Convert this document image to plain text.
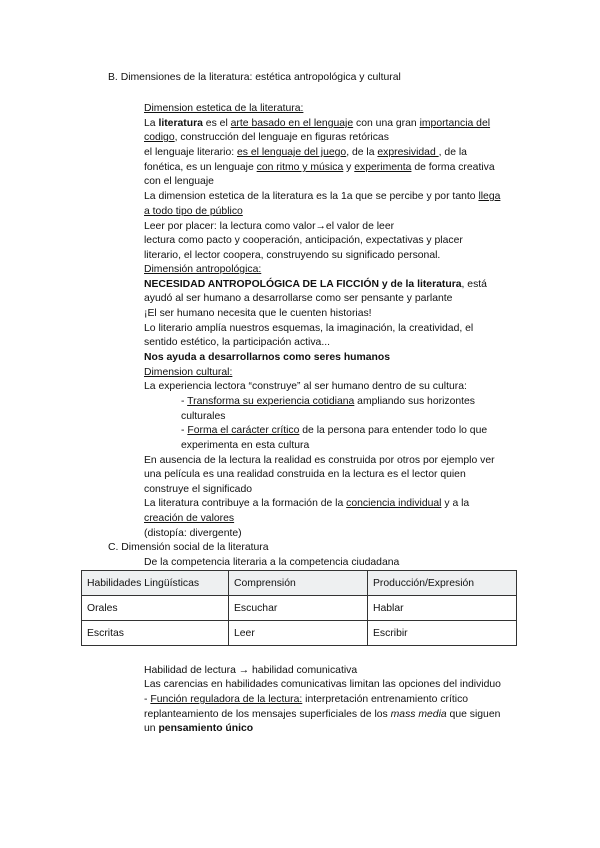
B. Dimensiones de la literatura: estética antropológica y cultural
Dimension estetica de la literatura:
La literatura es el arte basado en el lenguaje con una gran importancia del
codigo, construcción del lenguaje en figuras retóricas
el lenguaje literario: es el lenguaje del juego, de la expresividad , de la
fonética, es un lenguaje con ritmo y música y experimenta de forma creativa
con el lenguaje
La dimension estetica de la literatura es la 1a que se percibe y por tanto llega
a todo tipo de público
Leer por placer: la lectura como valor→el valor de leer
lectura como pacto y cooperación, anticipación, expectativas y placer
literario, el lector coopera, construyendo su significado personal.
Dimensión antropológica:
NECESIDAD ANTROPOLÓGICA DE LA FICCIÓN y de la literatura, está
ayudó al ser humano a desarrollarse como ser pensante y parlante
¡El ser humano necesita que le cuenten historias!
Lo literario amplía nuestros esquemas, la imaginación, la creatividad, el
sentido estético, la participación activa...
Nos ayuda a desarrollarnos como seres humanos
Dimension cultural:
La experiencia lectora “construye” al ser humano dentro de su cultura:
- Transforma su experiencia cotidiana ampliando sus horizontes
culturales
- Forma el carácter crítico de la persona para entender todo lo que
experimenta en esta cultura
En ausencia de la lectura la realidad es construida por otros por ejemplo ver
una película es una realidad construida en la lectura es el lector quien
construye el significado
La literatura contribuye a la formación de la conciencia individual y a la
creación de valores
(distopía: divergente)
C. Dimensión social de la literatura
De la competencia literaria a la competencia ciudadana
Habilidades Lingüísticas	Comprensión	Producción/Expresión
Orales	Escuchar	Hablar
Escritas	Leer	Escribir
Habilidad de lectura → habilidad comunicativa
Las carencias en habilidades comunicativas limitan las opciones del individuo
- Función reguladora de la lectura: interpretación entrenamiento crítico
replanteamiento de los mensajes superficiales de los mass media que siguen
un pensamiento único
